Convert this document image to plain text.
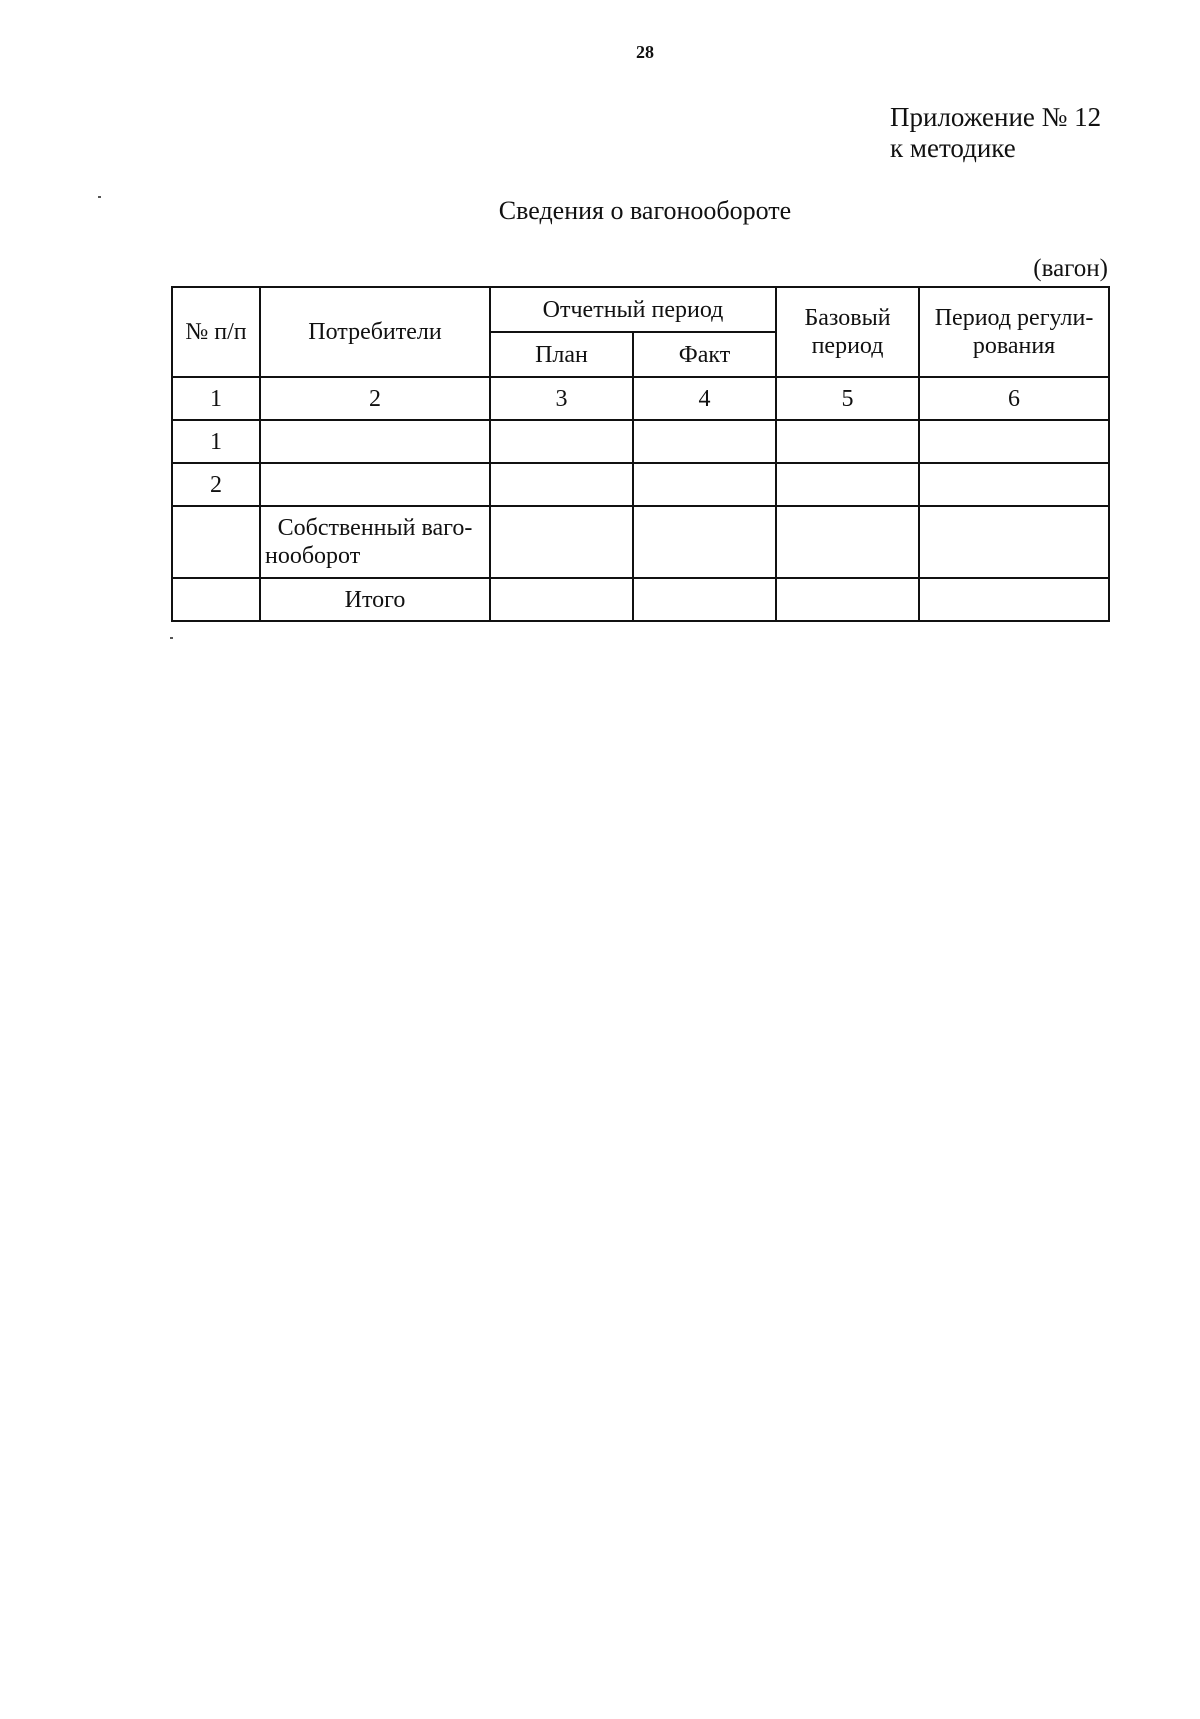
28
Приложение № 12
к методике
Сведения о вагонообороте
(вагон)
№ п/п	Потребители	Отчетный период		Базовый период	Период регули-рования
		План	Факт		
1	2	3	4	5	6
1					
2					
	Собственный ваго-нооборот				
	Итого				
